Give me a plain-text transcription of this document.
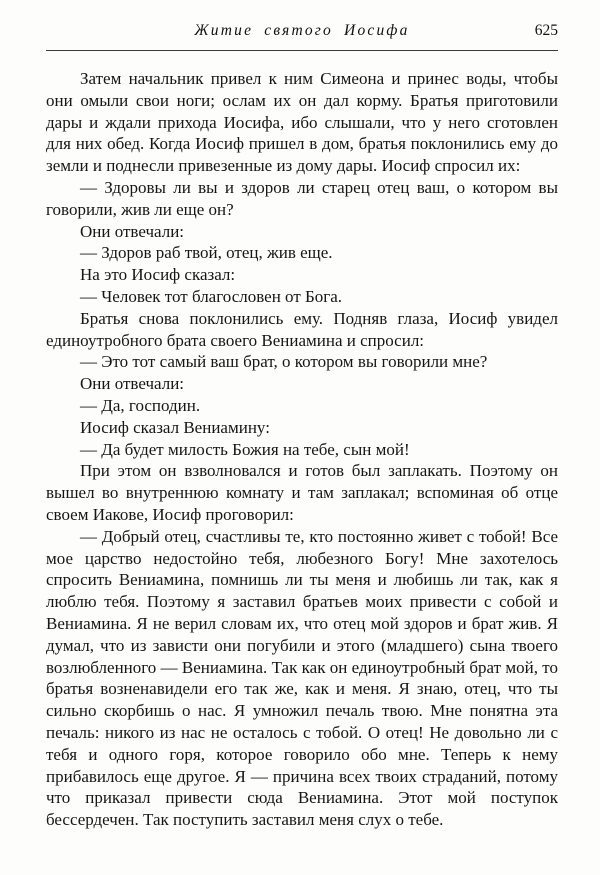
Житие святого Иосифа	625

Затем начальник привел к ним Симеона и принес воды, чтобы они омыли свои ноги; ослам их он дал корму. Братья приготовили дары и ждали прихода Иосифа, ибо слышали, что у него сготовлен для них обед. Когда Иосиф пришел в дом, братья поклонились ему до земли и поднесли привезенные из дому дары. Иосиф спросил их:

— Здоровы ли вы и здоров ли старец отец ваш, о котором вы говорили, жив ли еще он?

Они отвечали:

— Здоров раб твой, отец, жив еще.

На это Иосиф сказал:

— Человек тот благословен от Бога.

Братья снова поклонились ему. Подняв глаза, Иосиф увидел единоутробного брата своего Вениамина и спросил:

— Это тот самый ваш брат, о котором вы говорили мне?

Они отвечали:

— Да, господин.

Иосиф сказал Вениамину:

— Да будет милость Божия на тебе, сын мой!

При этом он взволновался и готов был заплакать. Поэтому он вышел во внутреннюю комнату и там заплакал; вспоминая об отце своем Иакове, Иосиф проговорил:

— Добрый отец, счастливы те, кто постоянно живет с тобой! Все мое царство недостойно тебя, любезного Богу! Мне захотелось спросить Вениамина, помнишь ли ты меня и любишь ли так, как я люблю тебя. Поэтому я заставил братьев моих привести с собой и Вениамина. Я не верил словам их, что отец мой здоров и брат жив. Я думал, что из зависти они погубили и этого (младшего) сына твоего возлюбленного — Вениамина. Так как он единоутробный брат мой, то братья возненавидели его так же, как и меня. Я знаю, отец, что ты сильно скорбишь о нас. Я умножил печаль твою. Мне понятна эта печаль: никого из нас не осталось с тобой. О отец! Не довольно ли с тебя и одного горя, которое говорило обо мне. Теперь к нему прибавилось еще другое. Я — причина всех твоих страданий, потому что приказал привести сюда Вениамина. Этот мой поступок бессердечен. Так поступить заставил меня слух о тебе.
